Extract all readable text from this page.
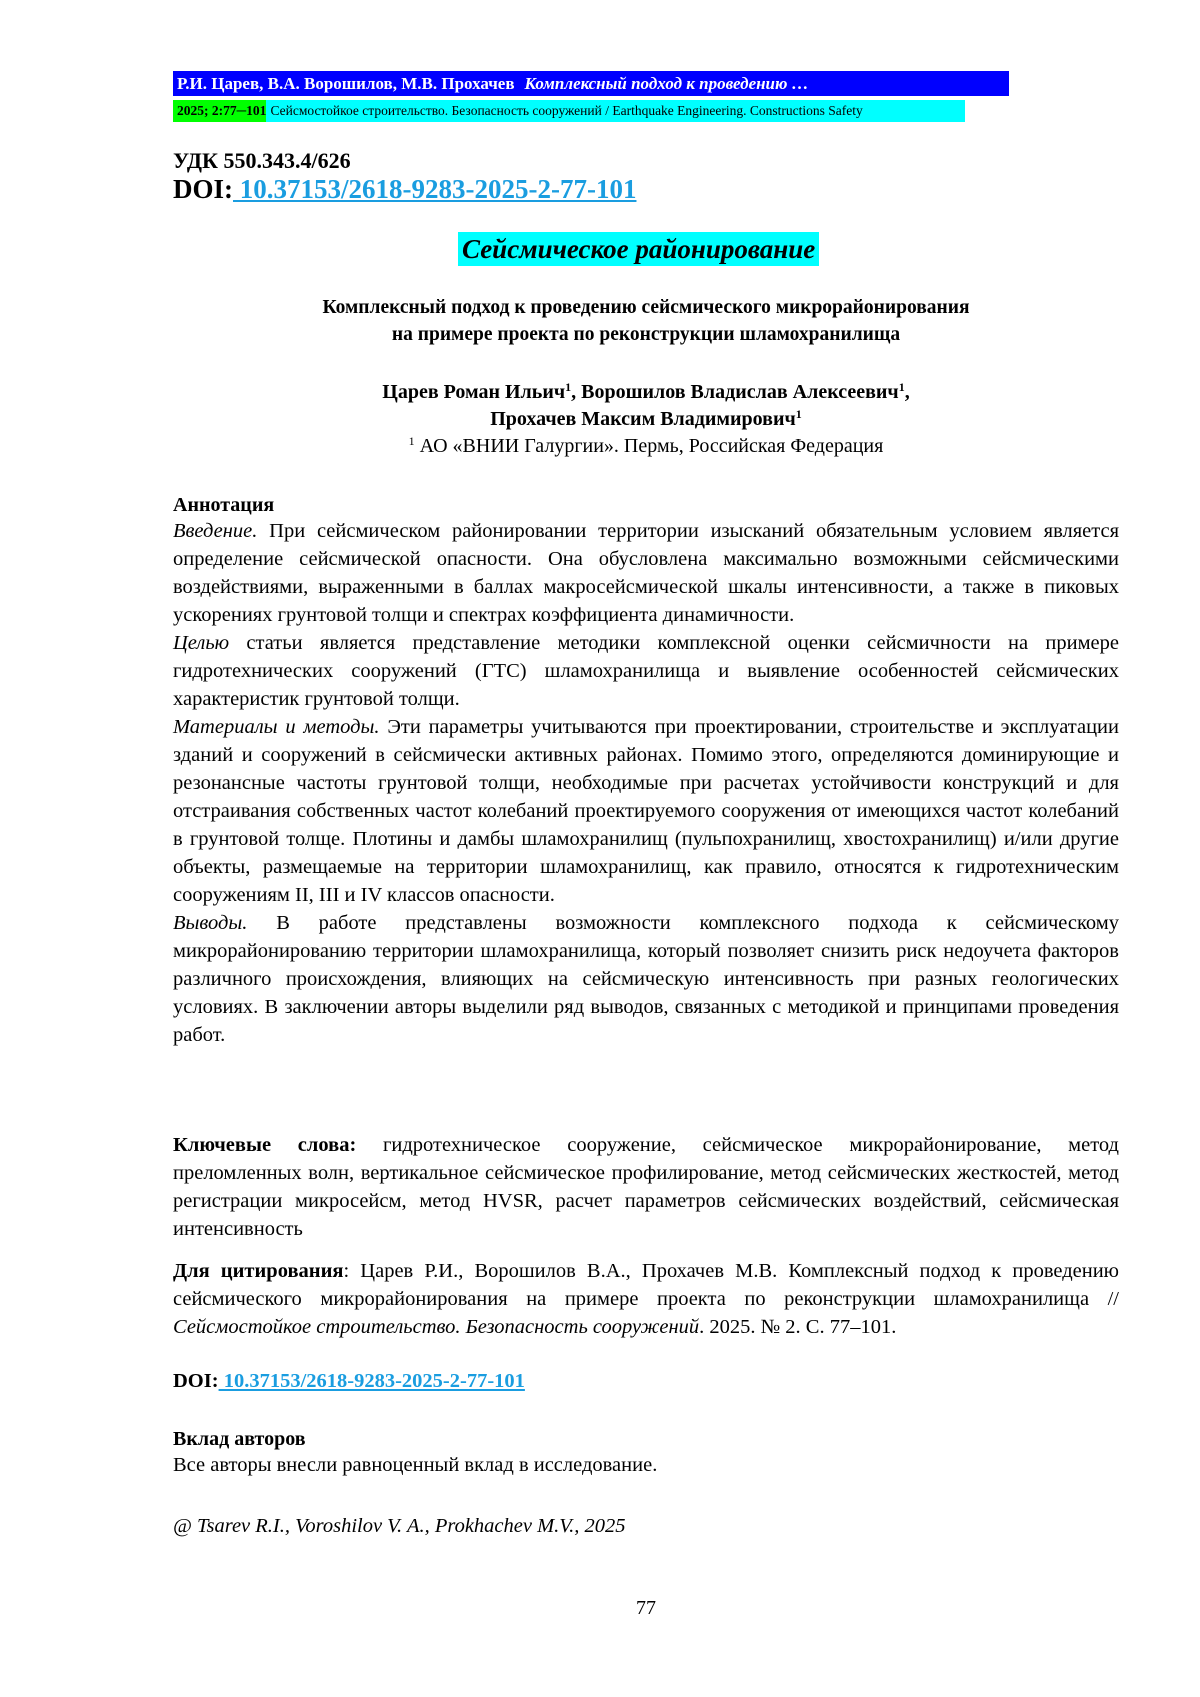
Р.И. Царев, В.А. Ворошилов, М.В. Прохачев Комплексный подход к проведению …
2025; 2:77─101 Сейсмостойкое строительство. Безопасность сооружений / Earthquake Engineering. Constructions Safety
УДК 550.343.4/626
DOI: 10.37153/2618-9283-2025-2-77-101
Сейсмическое районирование
Комплексный подход к проведению сейсмического микрорайонирования
на примере проекта по реконструкции шламохранилища
Царев Роман Ильич1, Ворошилов Владислав Алексеевич1,
Прохачев Максим Владимирович1
1 АО «ВНИИ Галургии». Пермь, Российская Федерация
Аннотация

Введение. При сейсмическом районировании территории изысканий обязательным условием является определение сейсмической опасности. Она обусловлена максимально возможными сейсмическими воздействиями, выраженными в баллах макросейсмической шкалы интенсивности, а также в пиковых ускорениях грунтовой толщи и спектрах коэффициента динамичности.

Целью статьи является представление методики комплексной оценки сейсмичности на примере гидротехнических сооружений (ГТС) шламохранилища и выявление особенностей сейсмических характеристик грунтовой толщи.

Материалы и методы. Эти параметры учитываются при проектировании, строительстве и эксплуатации зданий и сооружений в сейсмически активных районах. Помимо этого, определяются доминирующие и резонансные частоты грунтовой толщи, необходимые при расчетах устойчивости конструкций и для отстраивания собственных частот колебаний проектируемого сооружения от имеющихся частот колебаний в грунтовой толще. Плотины и дамбы шламохранилищ (пульпохранилищ, хвостохранилищ) и/или другие объекты, размещаемые на территории шламохранилищ, как правило, относятся к гидротехническим сооружениям II, III и IV классов опасности.

Выводы. В работе представлены возможности комплексного подхода к сейсмическому микрорайонированию территории шламохранилища, который позволяет снизить риск недоучета факторов различного происхождения, влияющих на сейсмическую интенсивность при разных геологических условиях. В заключении авторы выделили ряд выводов, связанных с методикой и принципами проведения работ.

Ключевые слова: гидротехническое сооружение, сейсмическое микрорайонирование, метод преломленных волн, вертикальное сейсмическое профилирование, метод сейсмических жесткостей, метод регистрации микросейсм, метод HVSR, расчет параметров сейсмических воздействий, сейсмическая интенсивность

Для цитирования: Царев Р.И., Ворошилов В.А., Прохачев М.В. Комплексный подход к проведению сейсмического микрорайонирования на примере проекта по реконструкции шламохранилища // Сейсмостойкое строительство. Безопасность сооружений. 2025. № 2. С. 77–101.

DOI: 10.37153/2618-9283-2025-2-77-101
Вклад авторов
Все авторы внесли равноценный вклад в исследование.
@ Tsarev R.I., Voroshilov V. A., Prokhachev M.V., 2025
77
